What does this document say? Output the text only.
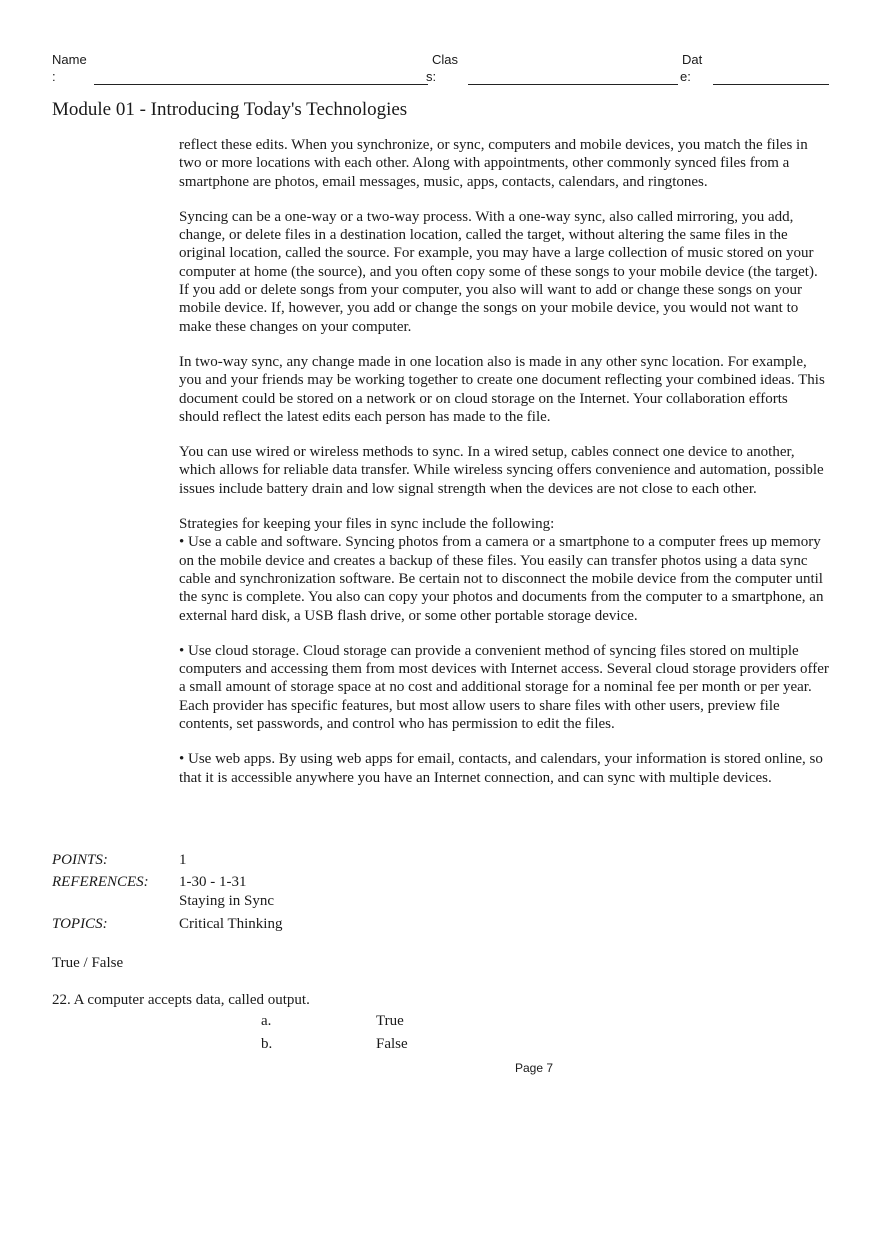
Name
:
Clas
s:
Dat
e:
Module 01 - Introducing Today's Technologies

reflect these edits. When you synchronize, or sync, computers and mobile devices, you match the files in two or more locations with each other. Along with appointments, other commonly synced files from a smartphone are photos, email messages, music, apps, contacts, calendars, and ringtones.

Syncing can be a one-way or a two-way process. With a one-way sync, also called mirroring, you add, change, or delete files in a destination location, called the target, without altering the same files in the original location, called the source. For example, you may have a large collection of music stored on your computer at home (the source), and you often copy some of these songs to your mobile device (the target). If you add or delete songs from your computer, you also will want to add or change these songs on your mobile device. If, however, you add or change the songs on your mobile device, you would not want to make these changes on your computer.

In two-way sync, any change made in one location also is made in any other sync location. For example, you and your friends may be working together to create one document reflecting your combined ideas. This document could be stored on a network or on cloud storage on the Internet. Your collaboration efforts should reflect the latest edits each person has made to the file.

You can use wired or wireless methods to sync. In a wired setup, cables connect one device to another, which allows for reliable data transfer. While wireless syncing offers convenience and automation, possible issues include battery drain and low signal strength when the devices are not close to each other.

Strategies for keeping your files in sync include the following:

• Use a cable and software. Syncing photos from a camera or a smartphone to a computer frees up memory on the mobile device and creates a backup of these files. You easily can transfer photos using a data sync cable and synchronization software. Be certain not to disconnect the mobile device from the computer until the sync is complete. You also can copy your photos and documents from the computer to a smartphone, an external hard disk, a USB flash drive, or some other portable storage device.

• Use cloud storage. Cloud storage can provide a convenient method of syncing files stored on multiple computers and accessing them from most devices with Internet access. Several cloud storage providers offer a small amount of storage space at no cost and additional storage for a nominal fee per month or per year. Each provider has specific features, but most allow users to share files with other users, preview file contents, set passwords, and control who has permission to edit the files.

• Use web apps. By using web apps for email, contacts, and calendars, your information is stored online, so that it is accessible anywhere you have an Internet connection, and can sync with multiple devices.

POINTS:	1
REFERENCES: 1-30 - 1-31
Staying in Sync
TOPICS:	Critical Thinking
True / False
22. A computer accepts data, called output.
a.	True
b.	False
Page 7
